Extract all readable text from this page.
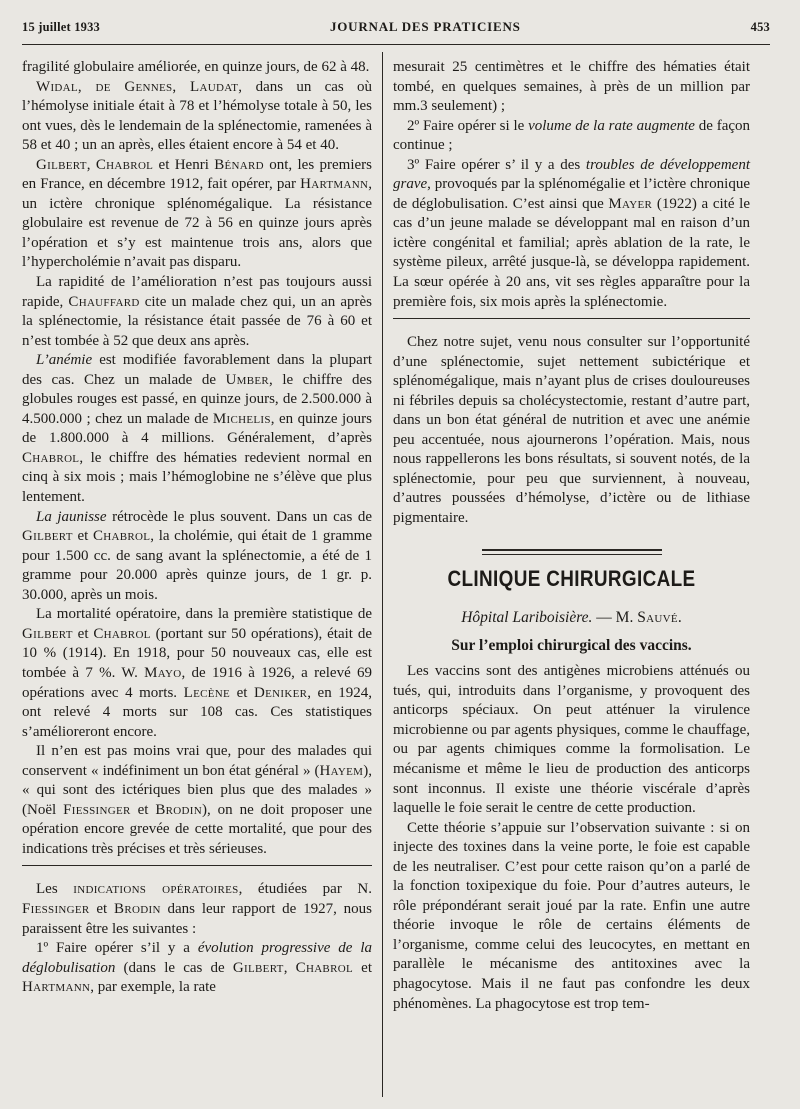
15 juillet 1933	JOURNAL DES PRATICIENS	453

fragilité globulaire améliorée, en quinze jours, de 62 à 48.

Widal, de Gennes, Laudat, dans un cas où l’hémolyse initiale était à 78 et l’hémolyse totale à 50, les ont vues, dès le lendemain de la splénectomie, ramenées à 58 et 40 ; un an après, elles étaient encore à 54 et 40.

Gilbert, Chabrol et Henri Bénard ont, les premiers en France, en décembre 1912, fait opérer, par Hartmann, un ictère chronique splénomégalique. La résistance globulaire est revenue de 72 à 56 en quinze jours après l’opération et s’y est maintenue trois ans, alors que l’hypercholémie n’avait pas disparu.

La rapidité de l’amélioration n’est pas toujours aussi rapide, Chauffard cite un malade chez qui, un an après la splénectomie, la résistance était passée de 76 à 60 et n’est tombée à 52 que deux ans après.

L’anémie est modifiée favorablement dans la plupart des cas. Chez un malade de Umber, le chiffre des globules rouges est passé, en quinze jours, de 2.500.000 à 4.500.000 ; chez un malade de Michelis, en quinze jours de 1.800.000 à 4 millions. Généralement, d’après Chabrol, le chiffre des hématies redevient normal en cinq à six mois ; mais l’hémoglobine ne s’élève que plus lentement.

La jaunisse rétrocède le plus souvent. Dans un cas de Gilbert et Chabrol, la cholémie, qui était de 1 gramme pour 1.500 cc. de sang avant la splénectomie, a été de 1 gramme pour 20.000 après quinze jours, de 1 gr. p. 30.000, après un mois.

La mortalité opératoire, dans la première statistique de Gilbert et Chabrol (portant sur 50 opérations), était de 10 % (1914). En 1918, pour 50 nouveaux cas, elle est tombée à 7 %. W. Mayo, de 1916 à 1926, a relevé 69 opérations avec 4 morts. Lecène et Deniker, en 1924, ont relevé 4 morts sur 108 cas. Ces statistiques s’amélioreront encore.

Il n’en est pas moins vrai que, pour des malades qui conservent « indéfiniment un bon état général » (Hayem), « qui sont des ictériques bien plus que des malades » (Noël Fiessinger et Brodin), on ne doit proposer une opération encore grevée de cette mortalité, que pour des indications très précises et très sérieuses.

Les indications opératoires, étudiées par N. Fiessinger et Brodin dans leur rapport de 1927, nous paraissent être les suivantes :

1º Faire opérer s’il y a évolution progressive de la déglobulisation (dans le cas de Gilbert, Chabrol et Hartmann, par exemple, la rate

mesurait 25 centimètres et le chiffre des hématies était tombé, en quelques semaines, à près de un million par mm.3 seulement) ;

2º Faire opérer si le volume de la rate augmente de façon continue ;

3º Faire opérer s’ il y a des troubles de développement grave, provoqués par la splénomégalie et l’ictère chronique de déglobulisation. C’est ainsi que Mayer (1922) a cité le cas d’un jeune malade se développant mal en raison d’un ictère congénital et familial; après ablation de la rate, le système pileux, arrêté jusque-là, se développa rapidement. La sœur opérée à 20 ans, vit ses règles apparaître pour la première fois, six mois après la splénectomie.

Chez notre sujet, venu nous consulter sur l’opportunité d’une splénectomie, sujet nettement subictérique et splénomégalique, mais n’ayant plus de crises douloureuses ni fébriles depuis sa cholécystectomie, restant d’autre part, dans un bon état général de nutrition et avec une anémie peu accentuée, nous ajournerons l’opération. Mais, nous nous rappellerons les bons résultats, si souvent notés, de la splénectomie, pour peu que surviennent, à nouveau, d’autres poussées d’hémolyse, d’ictère ou de lithiase pigmentaire.

CLINIQUE CHIRURGICALE

Hôpital Lariboisière. — M. Sauvé.

Sur l’emploi chirurgical des vaccins.

Les vaccins sont des antigènes microbiens atténués ou tués, qui, introduits dans l’organisme, y provoquent des anticorps spéciaux. On peut atténuer la virulence microbienne ou par agents physiques, comme le chauffage, ou par agents chimiques comme la formolisation. Le mécanisme et même le lieu de production des anticorps sont inconnus. Il existe une théorie viscérale d’après laquelle le foie serait le centre de cette production.

Cette théorie s’appuie sur l’observation suivante : si on injecte des toxines dans la veine porte, le foie est capable de les neutraliser. C’est pour cette raison qu’on a parlé de la fonction toxipexique du foie. Pour d’autres auteurs, le rôle prépondérant serait joué par la rate. Enfin une autre théorie invoque le rôle de certains éléments de l’organisme, comme celui des leucocytes, en mettant en parallèle le mécanisme des antitoxines avec la phagocytose. Mais il ne faut pas confondre les deux phénomènes. La phagocytose est trop tem-
